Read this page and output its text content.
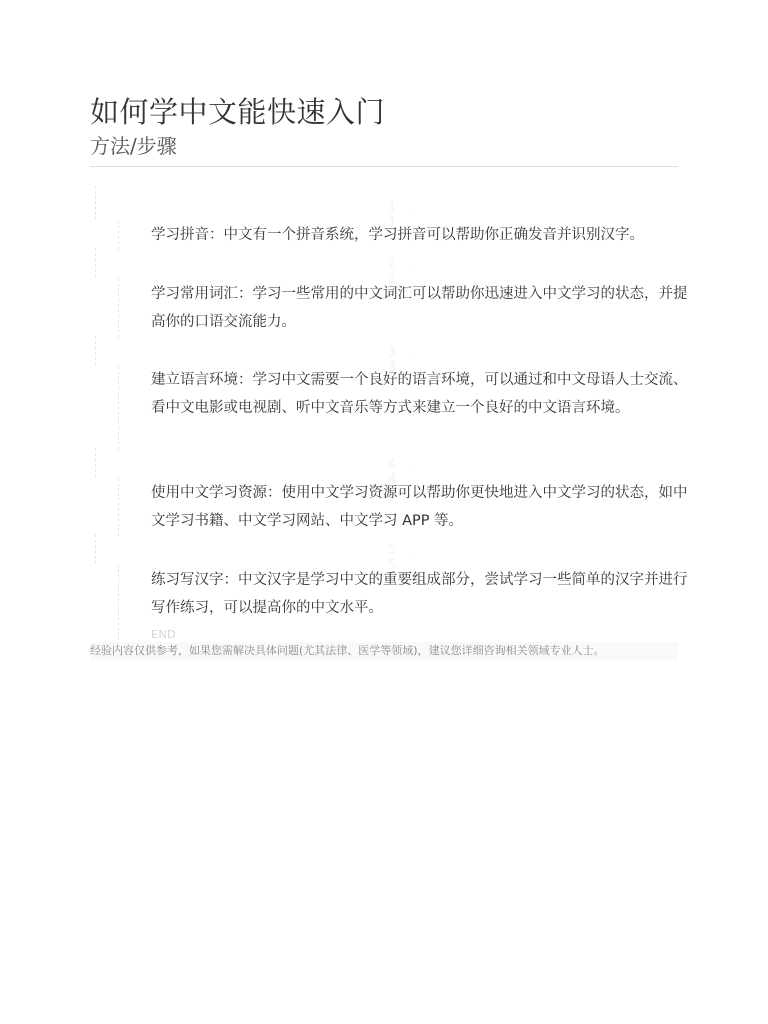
如何学中文能快速入门
方法/步骤
1. 1
学习拼音：中文有一个拼音系统，学习拼音可以帮助你正确发音并识别汉字。
2. 2
学习常用词汇：学习一些常用的中文词汇可以帮助你迅速进入中文学习的状态，并提高你的口语交流能力。
3. 3
建立语言环境：学习中文需要一个良好的语言环境，可以通过和中文母语人士交流、看中文电影或电视剧、听中文音乐等方式来建立一个良好的中文语言环境。
4. 4
使用中文学习资源：使用中文学习资源可以帮助你更快地进入中文学习的状态，如中文学习书籍、中文学习网站、中文学习 APP 等。
5. 5
练习写汉字：中文汉字是学习中文的重要组成部分，尝试学习一些简单的汉字并进行写作练习，可以提高你的中文水平。
END
经验内容仅供参考，如果您需解决具体问题(尤其法律、医学等领域)，建议您详细咨询相关领域专业人士。
